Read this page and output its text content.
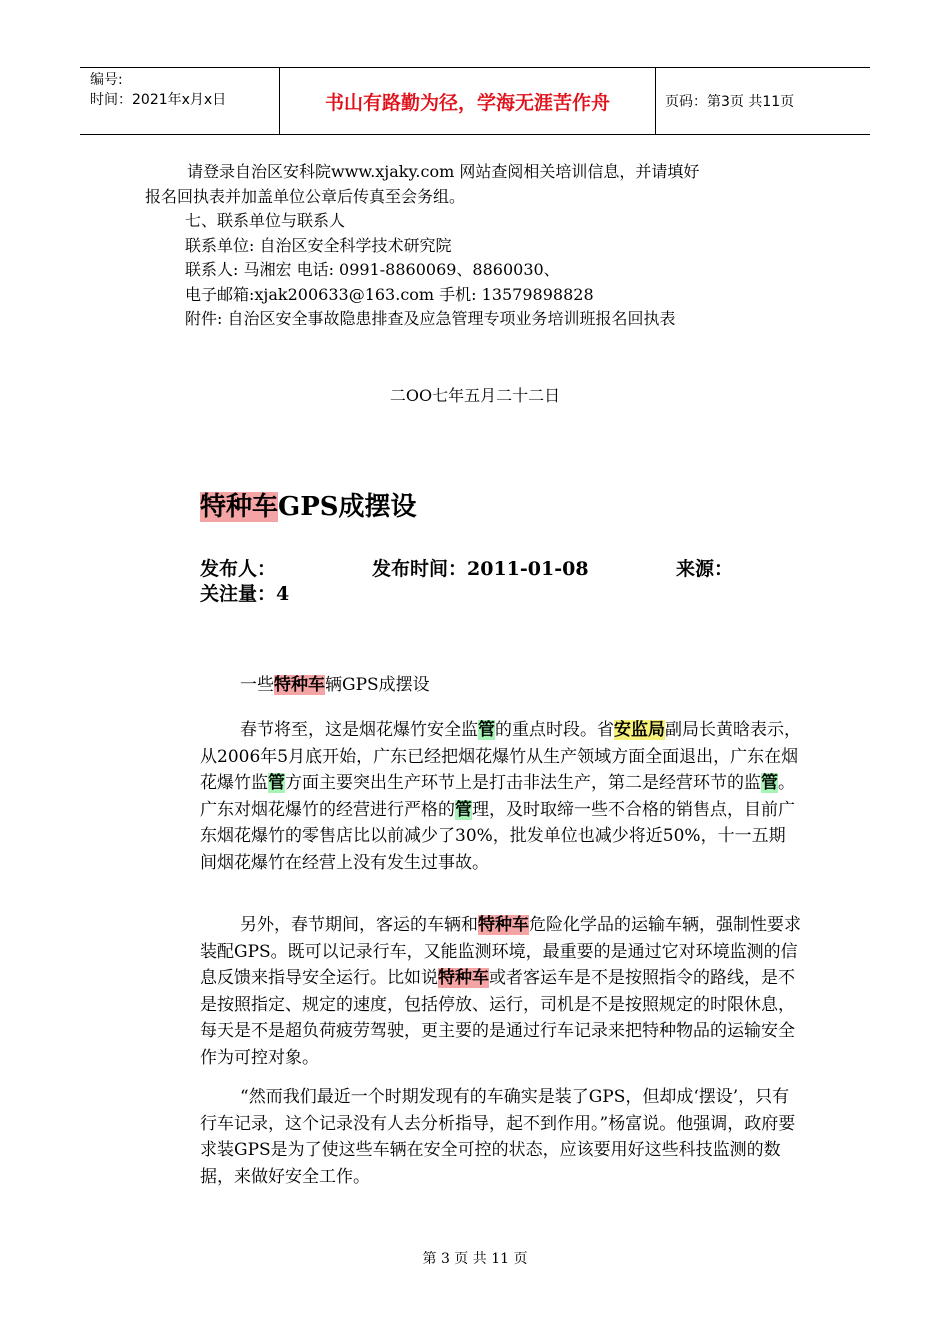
编号:
时间：2021年x月x日	书山有路勤为径，学海无涯苦作舟	页码：第3页 共11页
请登录自治区安科院www.xjaky.com 网站查阅相关培训信息，并请填好
报名回执表并加盖单位公章后传真至会务组。
七、联系单位与联系人
联系单位: 自治区安全科学技术研究院
联系人: 马湘宏 电话: 0991-8860069、8860030、
电子邮箱:xjak200633@163.com 手机: 13579898828
附件: 自治区安全事故隐患排查及应急管理专项业务培训班报名回执表
二OO七年五月二十二日
特种车GPS成摆设
发布人：	发布时间：2011-01-08	来源：
关注量：4
一些特种车辆GPS成摆设
春节将至，这是烟花爆竹安全监管的重点时段。省安监局副局长黄晗表示，从2006年5月底开始，广东已经把烟花爆竹从生产领域方面全面退出，广东在烟花爆竹监管方面主要突出生产环节上是打击非法生产，第二是经营环节的监管。广东对烟花爆竹的经营进行严格的管理，及时取缔一些不合格的销售点，目前广东烟花爆竹的零售店比以前减少了30%，批发单位也减少将近50%，十一五期间烟花爆竹在经营上没有发生过事故。
另外，春节期间，客运的车辆和特种车危险化学品的运输车辆，强制性要求装配GPS。既可以记录行车，又能监测环境，最重要的是通过它对环境监测的信息反馈来指导安全运行。比如说特种车或者客运车是不是按照指令的路线，是不是按照指定、规定的速度，包括停放、运行，司机是不是按照规定的时限休息，每天是不是超负荷疲劳驾驶，更主要的是通过行车记录来把特种物品的运输安全作为可控对象。
“然而我们最近一个时期发现有的车确实是装了GPS，但却成‘摆设’，只有行车记录，这个记录没有人去分析指导，起不到作用。”杨富说。他强调，政府要求装GPS是为了使这些车辆在安全可控的状态，应该要用好这些科技监测的数据，来做好安全工作。
第 3 页 共 11 页
